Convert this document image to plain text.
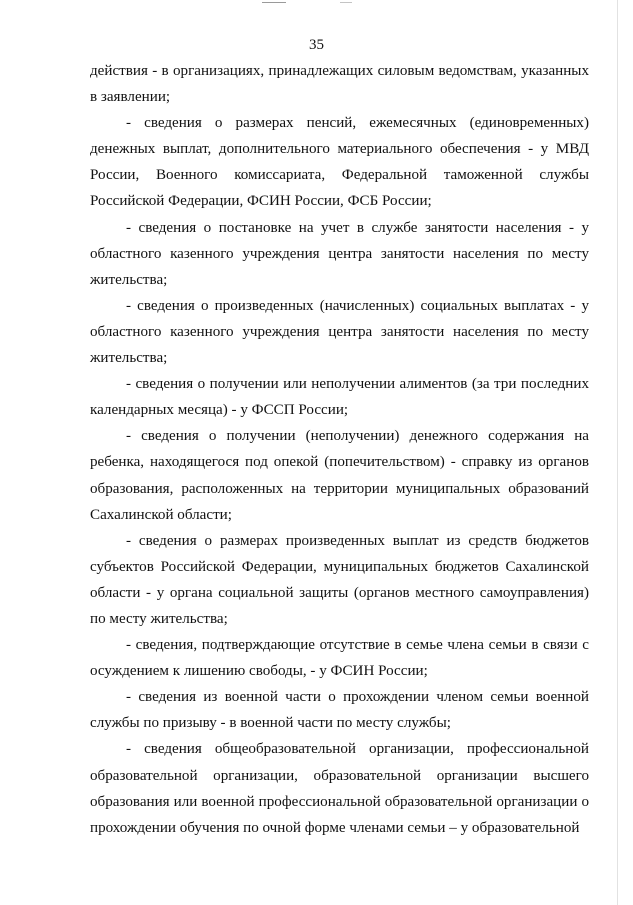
35

действия - в организациях, принадлежащих силовым ведомствам, указанных в заявлении;

- сведения о размерах пенсий, ежемесячных (единовременных) денежных выплат, дополнительного материального обеспечения - у МВД России, Военного комиссариата, Федеральной таможенной службы Российской Федерации, ФСИН России, ФСБ России;

- сведения о постановке на учет в службе занятости населения - у областного казенного учреждения центра занятости населения по месту жительства;

- сведения о произведенных (начисленных) социальных выплатах - у областного казенного учреждения центра занятости населения по месту жительства;

- сведения о получении или неполучении алиментов (за три последних календарных месяца) - у ФССП России;

- сведения о получении (неполучении) денежного содержания на ребенка, находящегося под опекой (попечительством) - справку из органов образования, расположенных на территории муниципальных образований Сахалинской области;

- сведения о размерах произведенных выплат из средств бюджетов субъектов Российской Федерации, муниципальных бюджетов Сахалинской области - у органа социальной защиты (органов местного самоуправления) по месту жительства;

- сведения, подтверждающие отсутствие в семье члена семьи в связи с осуждением к лишению свободы, - у ФСИН России;

- сведения из военной части о прохождении членом семьи военной службы по призыву - в военной части по месту службы;

- сведения общеобразовательной организации, профессиональной образовательной организации, образовательной организации высшего образования или военной профессиональной образовательной организации о прохождении обучения по очной форме членами семьи – у образовательной
